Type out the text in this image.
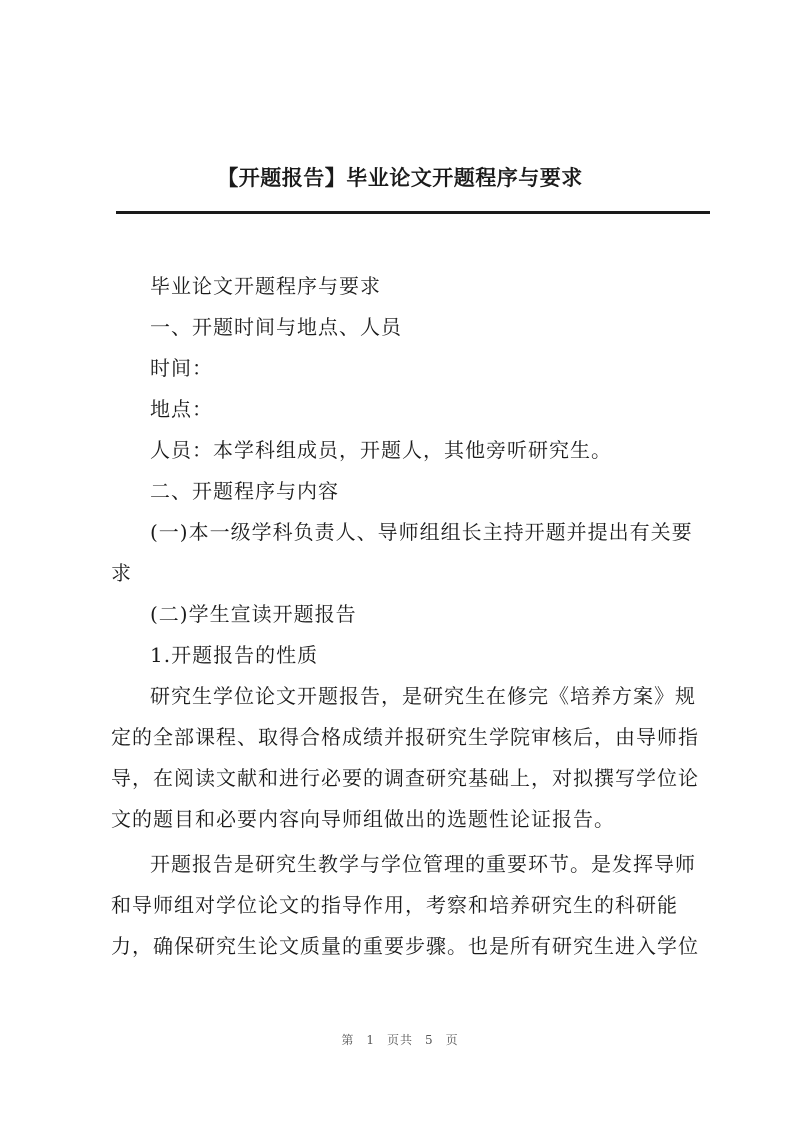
【开题报告】毕业论文开题程序与要求
毕业论文开题程序与要求
一、开题时间与地点、人员
时间：
地点：
人员：本学科组成员，开题人，其他旁听研究生。
二、开题程序与内容
(一)本一级学科负责人、导师组组长主持开题并提出有关要
求
(二)学生宣读开题报告
1.开题报告的性质
研究生学位论文开题报告，是研究生在修完《培养方案》规
定的全部课程、取得合格成绩并报研究生学院审核后，由导师指
导，在阅读文献和进行必要的调查研究基础上，对拟撰写学位论
文的题目和必要内容向导师组做出的选题性论证报告。
开题报告是研究生教学与学位管理的重要环节。是发挥导师
和导师组对学位论文的指导作用，考察和培养研究生的科研能
力，确保研究生论文质量的重要步骤。也是所有研究生进入学位
第 1 页共 5 页
